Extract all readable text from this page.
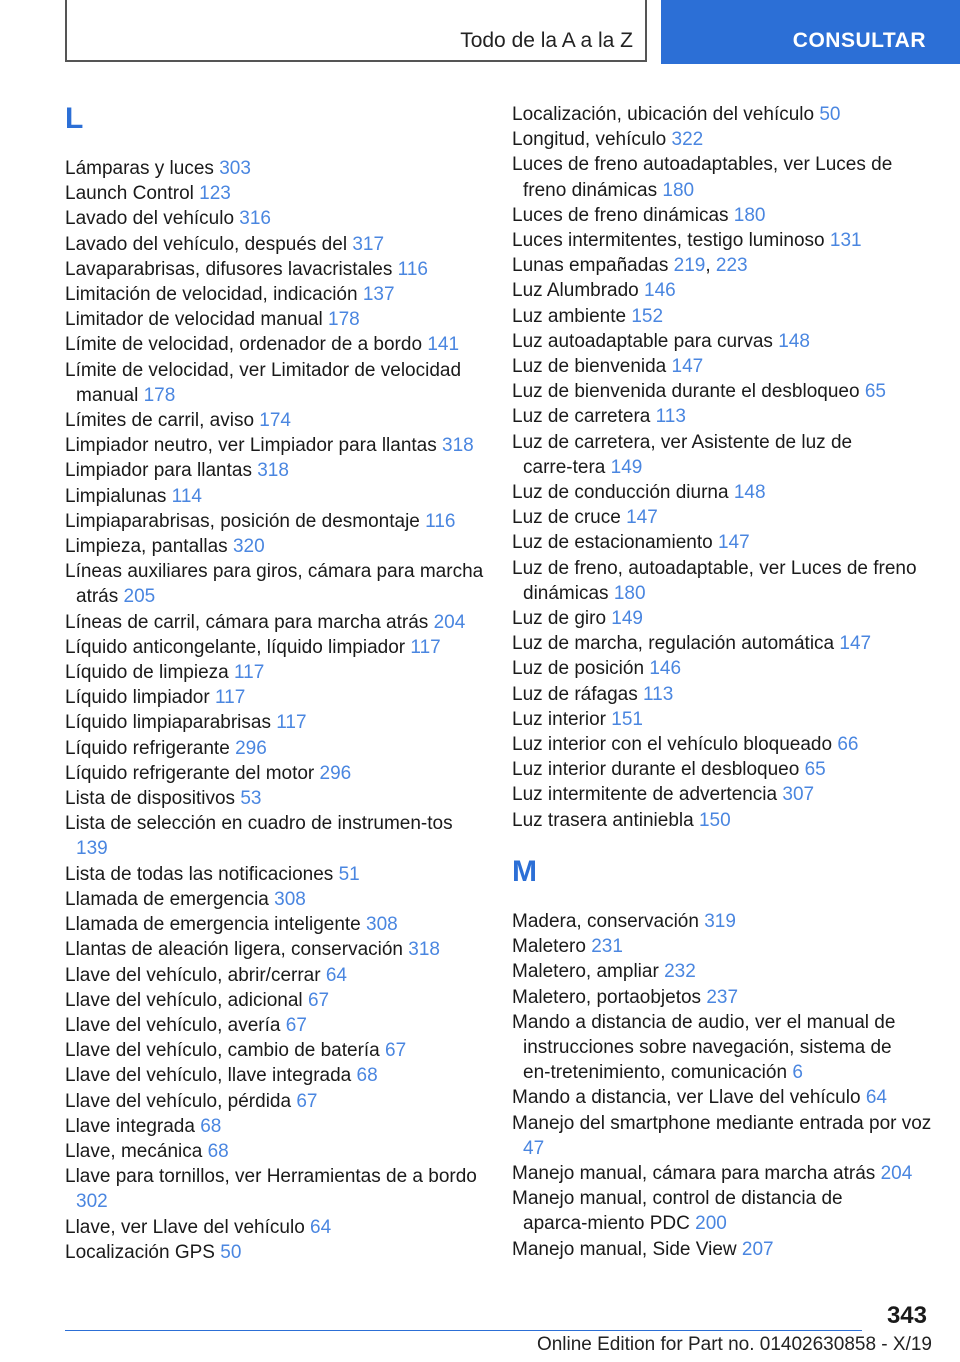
Todo de la A a la Z	CONSULTAR
L
Lámparas y luces 303
Launch Control 123
Lavado del vehículo 316
Lavado del vehículo, después del 317
Lavaparabrisas, difusores lavacristales 116
Limitación de velocidad, indicación 137
Limitador de velocidad manual 178
Límite de velocidad, ordenador de a bordo 141
Límite de velocidad, ver Limitador de velocidad manual 178
Límites de carril, aviso 174
Limpiador neutro, ver Limpiador para llantas 318
Limpiador para llantas 318
Limpialunas 114
Limpiaparabrisas, posición de desmontaje 116
Limpieza, pantallas 320
Líneas auxiliares para giros, cámara para marcha atrás 205
Líneas de carril, cámara para marcha atrás 204
Líquido anticongelante, líquido limpiador 117
Líquido de limpieza 117
Líquido limpiador 117
Líquido limpiaparabrisas 117
Líquido refrigerante 296
Líquido refrigerante del motor 296
Lista de dispositivos 53
Lista de selección en cuadro de instrumen‑tos 139
Lista de todas las notificaciones 51
Llamada de emergencia 308
Llamada de emergencia inteligente 308
Llantas de aleación ligera, conservación 318
Llave del vehículo, abrir/cerrar 64
Llave del vehículo, adicional 67
Llave del vehículo, avería 67
Llave del vehículo, cambio de batería 67
Llave del vehículo, llave integrada 68
Llave del vehículo, pérdida 67
Llave integrada 68
Llave, mecánica 68
Llave para tornillos, ver Herramientas de a bordo 302
Llave, ver Llave del vehículo 64
Localización GPS 50
Localización, ubicación del vehículo 50
Longitud, vehículo 322
Luces de freno autoadaptables, ver Luces de freno dinámicas 180
Luces de freno dinámicas 180
Luces intermitentes, testigo luminoso 131
Lunas empañadas 219, 223
Luz Alumbrado 146
Luz ambiente 152
Luz autoadaptable para curvas 148
Luz de bienvenida 147
Luz de bienvenida durante el desbloqueo 65
Luz de carretera 113
Luz de carretera, ver Asistente de luz de carre‑tera 149
Luz de conducción diurna 148
Luz de cruce 147
Luz de estacionamiento 147
Luz de freno, autoadaptable, ver Luces de freno dinámicas 180
Luz de giro 149
Luz de marcha, regulación automática 147
Luz de posición 146
Luz de ráfagas 113
Luz interior 151
Luz interior con el vehículo bloqueado 66
Luz interior durante el desbloqueo 65
Luz intermitente de advertencia 307
Luz trasera antiniebla 150
M
Madera, conservación 319
Maletero 231
Maletero, ampliar 232
Maletero, portaobjetos 237
Mando a distancia de audio, ver el manual de instrucciones sobre navegación, sistema de en‑tretenimiento, comunicación 6
Mando a distancia, ver Llave del vehículo 64
Manejo del smartphone mediante entrada por voz 47
Manejo manual, cámara para marcha atrás 204
Manejo manual, control de distancia de aparca‑miento PDC 200
Manejo manual, Side View 207
343
Online Edition for Part no. 01402630858 - X/19
